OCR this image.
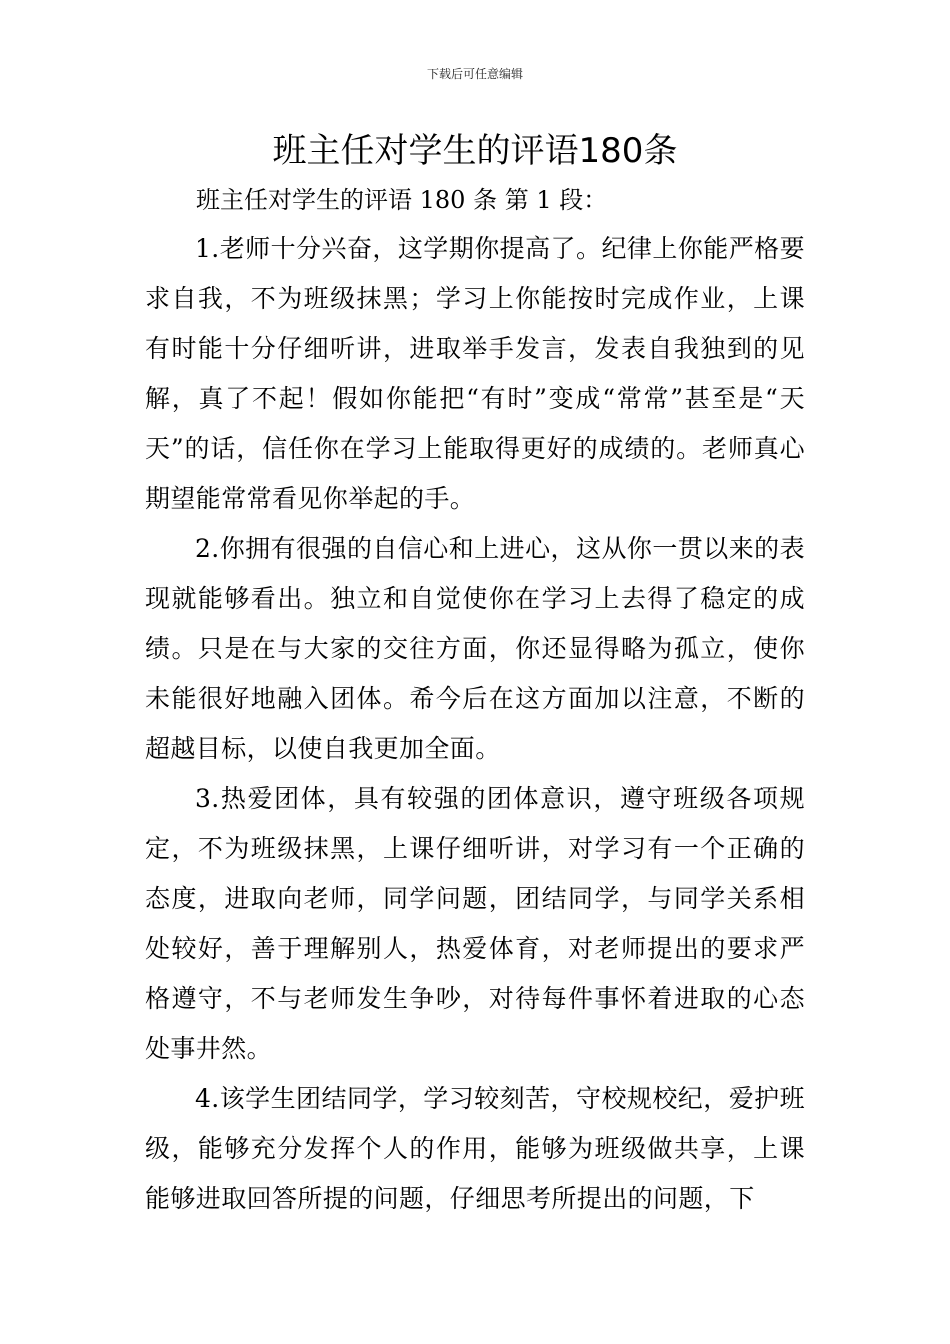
下载后可任意编辑
班主任对学生的评语180条

班主任对学生的评语 180 条 第 1 段：

1.老师十分兴奋，这学期你提高了。纪律上你能严格要求自我，不为班级抹黑；学习上你能按时完成作业，上课有时能十分仔细听讲，进取举手发言，发表自我独到的见解，真了不起！假如你能把“有时”变成“常常”甚至是“天天”的话，信任你在学习上能取得更好的成绩的。老师真心期望能常常看见你举起的手。

2.你拥有很强的自信心和上进心，这从你一贯以来的表现就能够看出。独立和自觉使你在学习上去得了稳定的成绩。只是在与大家的交往方面，你还显得略为孤立，使你未能很好地融入团体。希今后在这方面加以注意，不断的超越目标，以使自我更加全面。

3.热爱团体，具有较强的团体意识，遵守班级各项规定，不为班级抹黑，上课仔细听讲，对学习有一个正确的态度，进取向老师，同学问题，团结同学，与同学关系相处较好，善于理解别人，热爱体育，对老师提出的要求严格遵守，不与老师发生争吵，对待每件事怀着进取的心态处事井然。

4.该学生团结同学，学习较刻苦，守校规校纪，爱护班级，能够充分发挥个人的作用，能够为班级做共享，上课能够进取回答所提的问题，仔细思考所提出的问题，下
